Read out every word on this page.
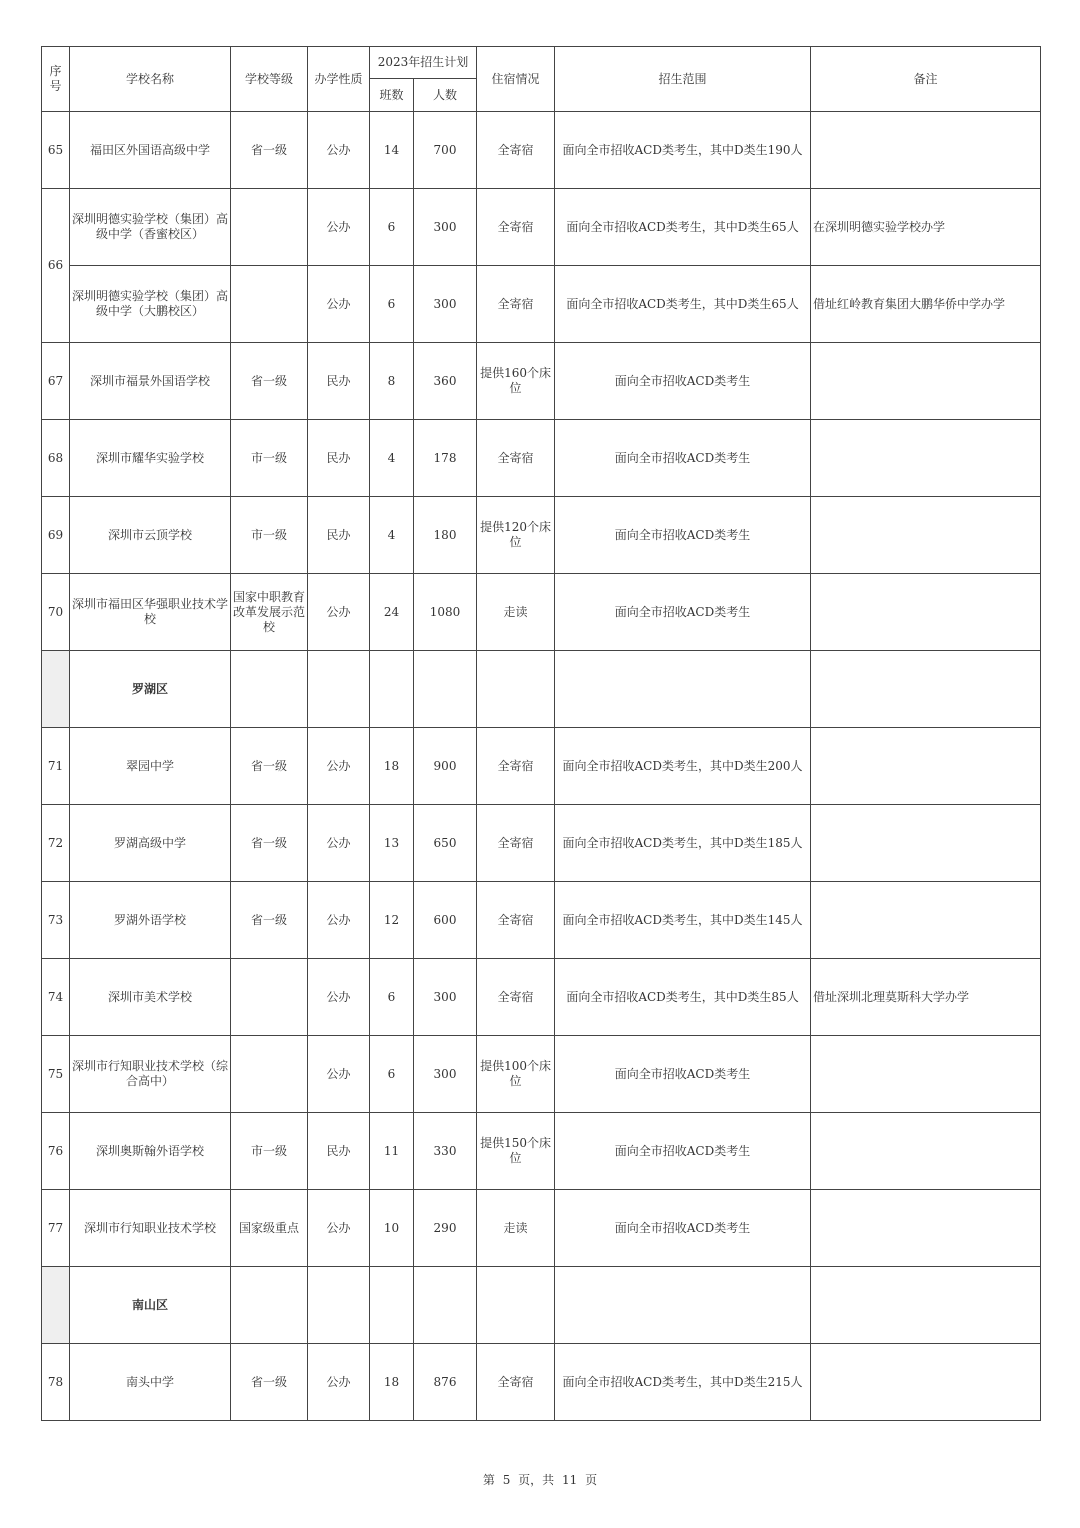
序号	学校名称	学校等级	办学性质	2023年招生计划		住宿情况	招生范围	备注
				班数	人数			
65	福田区外国语高级中学	省一级	公办	14	700	全寄宿	面向全市招收ACD类考生，其中D类生190人	
66	深圳明德实验学校（集团）高级中学（香蜜校区）		公办	6	300	全寄宿	面向全市招收ACD类考生，其中D类生65人	在深圳明德实验学校办学
	深圳明德实验学校（集团）高级中学（大鹏校区）		公办	6	300	全寄宿	面向全市招收ACD类考生，其中D类生65人	借址红岭教育集团大鹏华侨中学办学
67	深圳市福景外国语学校	省一级	民办	8	360	提供160个床位	面向全市招收ACD类考生	
68	深圳市耀华实验学校	市一级	民办	4	178	全寄宿	面向全市招收ACD类考生	
69	深圳市云顶学校	市一级	民办	4	180	提供120个床位	面向全市招收ACD类考生	
70	深圳市福田区华强职业技术学校	国家中职教育改革发展示范校	公办	24	1080	走读	面向全市招收ACD类考生	
	罗湖区							
71	翠园中学	省一级	公办	18	900	全寄宿	面向全市招收ACD类考生，其中D类生200人	
72	罗湖高级中学	省一级	公办	13	650	全寄宿	面向全市招收ACD类考生，其中D类生185人	
73	罗湖外语学校	省一级	公办	12	600	全寄宿	面向全市招收ACD类考生，其中D类生145人	
74	深圳市美术学校		公办	6	300	全寄宿	面向全市招收ACD类考生，其中D类生85人	借址深圳北理莫斯科大学办学
75	深圳市行知职业技术学校（综合高中）		公办	6	300	提供100个床位	面向全市招收ACD类考生	
76	深圳奥斯翰外语学校	市一级	民办	11	330	提供150个床位	面向全市招收ACD类考生	
77	深圳市行知职业技术学校	国家级重点	公办	10	290	走读	面向全市招收ACD类考生	
	南山区							
78	南头中学	省一级	公办	18	876	全寄宿	面向全市招收ACD类考生，其中D类生215人	
第 5 页，共 11 页
